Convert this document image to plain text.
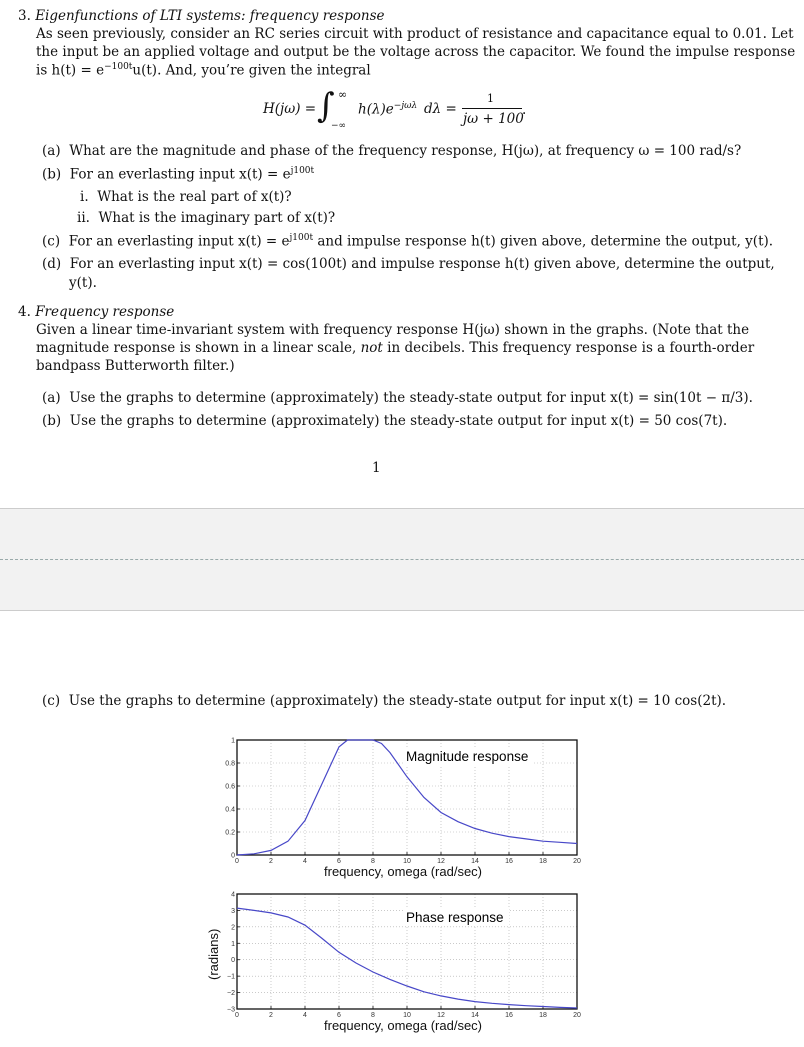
3. Eigenfunctions of LTI systems: frequency response
As seen previously, consider an RC series circuit with product of resistance and capacitance equal to 0.01. Let
the input be an applied voltage and output be the voltage across the capacitor. We found the impulse response
is $h(t) = e^{-100t}u(t)$. And, you’re given the integral
H(jω) = ∫ ∞
−∞
$h(\lambda)e^{-j\omega\lambda}$ dλ =
1
jω + 100
.
(a) What are the magnitude and phase of the frequency response, H(jω), at frequency ω = 100 rad/s?
(b) For an everlasting input $x(t) = e^{j100t}$
i. What is the real part of x(t)?
ii. What is the imaginary part of x(t)?
(c) For an everlasting input $x(t) = e^{j100t}$ and impulse response h(t) given above, determine the output, y(t).
(d) For an everlasting input x(t) = cos(100t) and impulse response h(t) given above, determine the output,
y(t).
4. Frequency response
Given a linear time-invariant system with frequency response H(jω) shown in the graphs. (Note that the
magnitude response is shown in a linear scale, not in decibels. This frequency response is a fourth-order
bandpass Butterworth filter.)
(a) Use the graphs to determine (approximately) the steady-state output for input x(t) = sin(10t − π/3).
(b) Use the graphs to determine (approximately) the steady-state output for input x(t) = 50 cos(7t).
1
(c) Use the graphs to determine (approximately) the steady-state output for input x(t) = 10 cos(2t).
0	2	4	6	8	10	12	14	16	18	20
0
0.2
0.4
0.6
0.8
1
Magnitude response
frequency, omega (rad/sec)
0	2	4	6	8	10	12	14	16	18	20
−3
−2
−1
0
1
2
3
4
Phase response
(radians)
frequency, omega (rad/sec)
